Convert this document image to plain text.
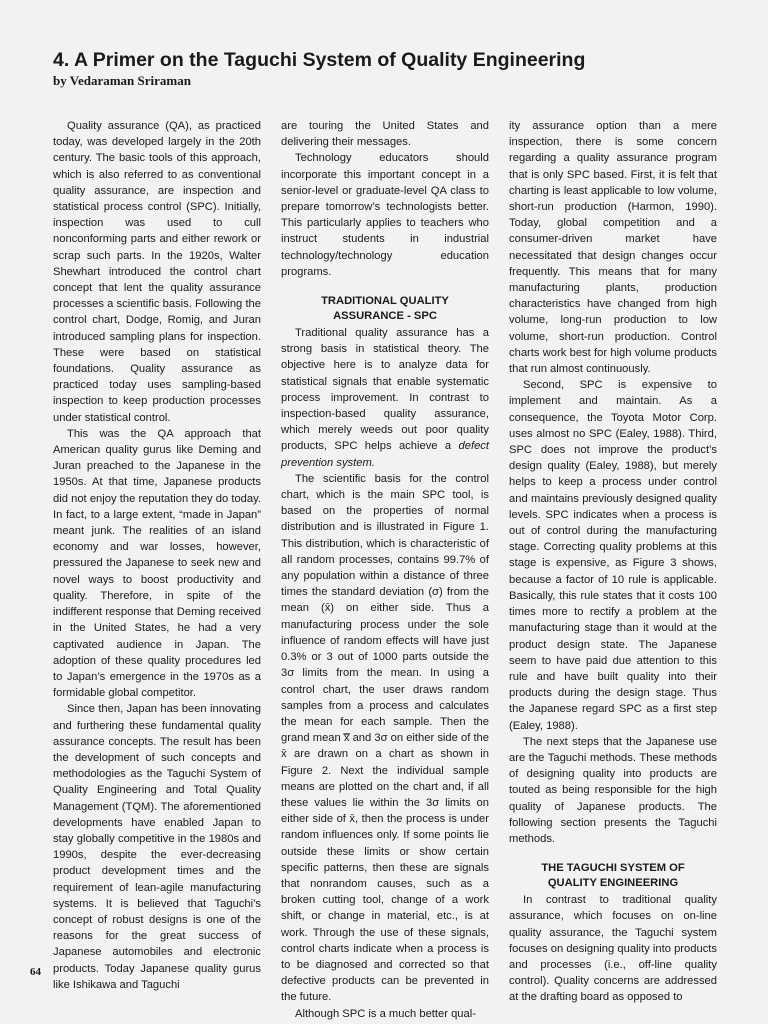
4. A Primer on the Taguchi System of Quality Engineering
by Vedaraman Sriraman

Quality assurance (QA), as practiced today, was developed largely in the 20th century. The basic tools of this approach, which is also referred to as conventional quality assurance, are inspection and statistical process control (SPC). Initially, inspection was used to cull nonconforming parts and either rework or scrap such parts. In the 1920s, Walter Shewhart introduced the control chart concept that lent the quality assurance processes a scientific basis. Following the control chart, Dodge, Romig, and Juran introduced sampling plans for inspection. These were based on statistical foundations. Quality assurance as practiced today uses sampling-based inspection to keep production processes under statistical control.

This was the QA approach that American quality gurus like Deming and Juran preached to the Japanese in the 1950s. At that time, Japanese products did not enjoy the reputation they do today. In fact, to a large extent, “made in Japan” meant junk. The realities of an island economy and war losses, however, pressured the Japanese to seek new and novel ways to boost productivity and quality. Therefore, in spite of the indifferent response that Deming received in the United States, he had a very captivated audience in Japan. The adoption of these quality procedures led to Japan’s emergence in the 1970s as a formidable global competitor.

Since then, Japan has been innovating and furthering these fundamental quality assurance concepts. The result has been the development of such concepts and methodologies as the Taguchi System of Quality Engineering and Total Quality Management (TQM). The aforementioned developments have enabled Japan to stay globally competitive in the 1980s and 1990s, despite the ever-decreasing product development times and the requirement of lean-agile manufacturing systems. It is believed that Taguchi’s concept of robust designs is one of the reasons for the great success of Japanese automobiles and electronic products. Today Japanese quality gurus like Ishikawa and Taguchi

are touring the United States and delivering their messages.

Technology educators should incorporate this important concept in a senior-level or graduate-level QA class to prepare tomorrow’s technologists better. This particularly applies to teachers who instruct students in industrial technology/technology education programs.

TRADITIONAL QUALITY
ASSURANCE - SPC

Traditional quality assurance has a strong basis in statistical theory. The objective here is to analyze data for statistical signals that enable systematic process improvement. In contrast to inspection-based quality assurance, which merely weeds out poor quality products, SPC helps achieve a defect prevention system.

The scientific basis for the control chart, which is the main SPC tool, is based on the properties of normal distribution and is illustrated in Figure 1. This distribution, which is characteristic of all random processes, contains 99.7% of any population within a distance of three times the standard deviation (σ) from the mean (x̄) on either side. Thus a manufacturing process under the sole influence of random effects will have just 0.3% or 3 out of 1000 parts outside the 3σ limits from the mean. In using a control chart, the user draws random samples from a process and calculates the mean for each sample. Then the grand mean x̿ and 3σ on either side of the x̄ are drawn on a chart as shown in Figure 2. Next the individual sample means are plotted on the chart and, if all these values lie within the 3σ limits on either side of x̄, then the process is under random influences only. If some points lie outside these limits or show certain specific patterns, then these are signals that nonrandom causes, such as a broken cutting tool, change of a work shift, or change in material, etc., is at work. Through the use of these signals, control charts indicate when a process is to be diagnosed and corrected so that defective products can be prevented in the future.

Although SPC is a much better qual-

ity assurance option than a mere inspection, there is some concern regarding a quality assurance program that is only SPC based. First, it is felt that charting is least applicable to low volume, short-run production (Harmon, 1990). Today, global competition and a consumer-driven market have necessitated that design changes occur frequently. This means that for many manufacturing plants, production characteristics have changed from high volume, long-run production to low volume, short-run production. Control charts work best for high volume products that run almost continuously.

Second, SPC is expensive to implement and maintain. As a consequence, the Toyota Motor Corp. uses almost no SPC (Ealey, 1988). Third, SPC does not improve the product’s design quality (Ealey, 1988), but merely helps to keep a process under control and maintains previously designed quality levels. SPC indicates when a process is out of control during the manufacturing stage. Correcting quality problems at this stage is expensive, as Figure 3 shows, because a factor of 10 rule is applicable. Basically, this rule states that it costs 100 times more to rectify a problem at the manufacturing stage than it would at the product design state. The Japanese seem to have paid due attention to this rule and have built quality into their products during the design stage. Thus the Japanese regard SPC as a first step (Ealey, 1988).

The next steps that the Japanese use are the Taguchi methods. These methods of designing quality into products are touted as being responsible for the high quality of Japanese products. The following section presents the Taguchi methods.

THE TAGUCHI SYSTEM OF
QUALITY ENGINEERING

In contrast to traditional quality assurance, which focuses on on-line quality assurance, the Taguchi system focuses on designing quality into products and processes (i.e., off-line quality control). Quality concerns are addressed at the drafting board as opposed to

64
